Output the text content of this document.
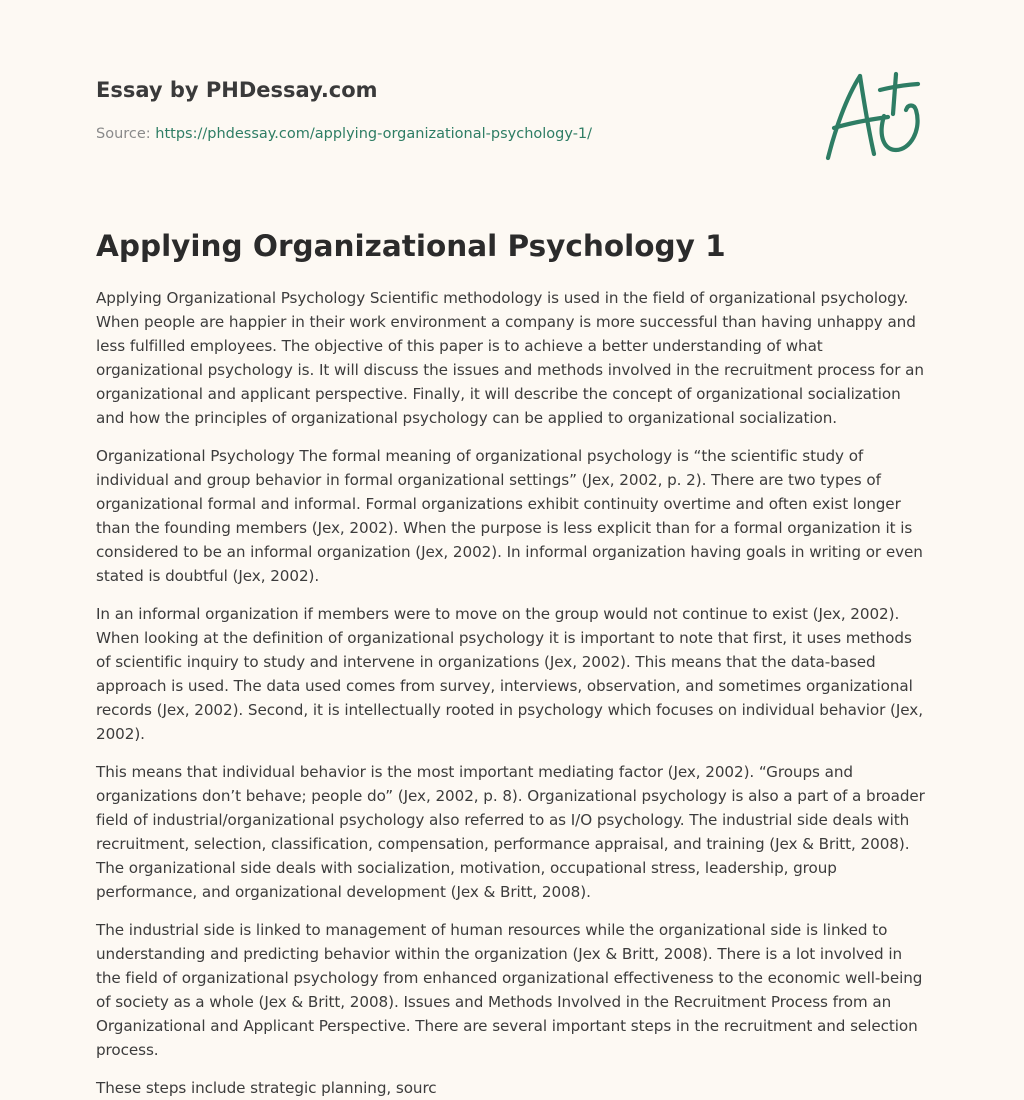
Essay by PHDessay.com
Source: https://phdessay.com/applying-organizational-psychology-1/
Applying Organizational Psychology 1

Applying Organizational Psychology Scientific methodology is used in the field of organizational psychology. When people are happier in their work environment a company is more successful than having unhappy and less fulfilled employees. The objective of this paper is to achieve a better understanding of what organizational psychology is. It will discuss the issues and methods involved in the recruitment process for an organizational and applicant perspective. Finally, it will describe the concept of organizational socialization and how the principles of organizational psychology can be applied to organizational socialization.

Organizational Psychology The formal meaning of organizational psychology is “the scientific study of individual and group behavior in formal organizational settings” (Jex, 2002, p. 2). There are two types of organizational formal and informal. Formal organizations exhibit continuity overtime and often exist longer than the founding members (Jex, 2002). When the purpose is less explicit than for a formal organization it is considered to be an informal organization (Jex, 2002). In informal organization having goals in writing or even stated is doubtful (Jex, 2002).

In an informal organization if members were to move on the group would not continue to exist (Jex, 2002). When looking at the definition of organizational psychology it is important to note that first, it uses methods of scientific inquiry to study and intervene in organizations (Jex, 2002). This means that the data-based approach is used. The data used comes from survey, interviews, observation, and sometimes organizational records (Jex, 2002). Second, it is intellectually rooted in psychology which focuses on individual behavior (Jex, 2002).

This means that individual behavior is the most important mediating factor (Jex, 2002). “Groups and organizations don’t behave; people do” (Jex, 2002, p. 8). Organizational psychology is also a part of a broader field of industrial/organizational psychology also referred to as I/O psychology. The industrial side deals with recruitment, selection, classification, compensation, performance appraisal, and training (Jex & Britt, 2008). The organizational side deals with socialization, motivation, occupational stress, leadership, group performance, and organizational development (Jex & Britt, 2008).

The industrial side is linked to management of human resources while the organizational side is linked to understanding and predicting behavior within the organization (Jex & Britt, 2008). There is a lot involved in the field of organizational psychology from enhanced organizational effectiveness to the economic well-being of society as a whole (Jex & Britt, 2008). Issues and Methods Involved in the Recruitment Process from an Organizational and Applicant Perspective. There are several important steps in the recruitment and selection process.

These steps include strategic planning, sourc
